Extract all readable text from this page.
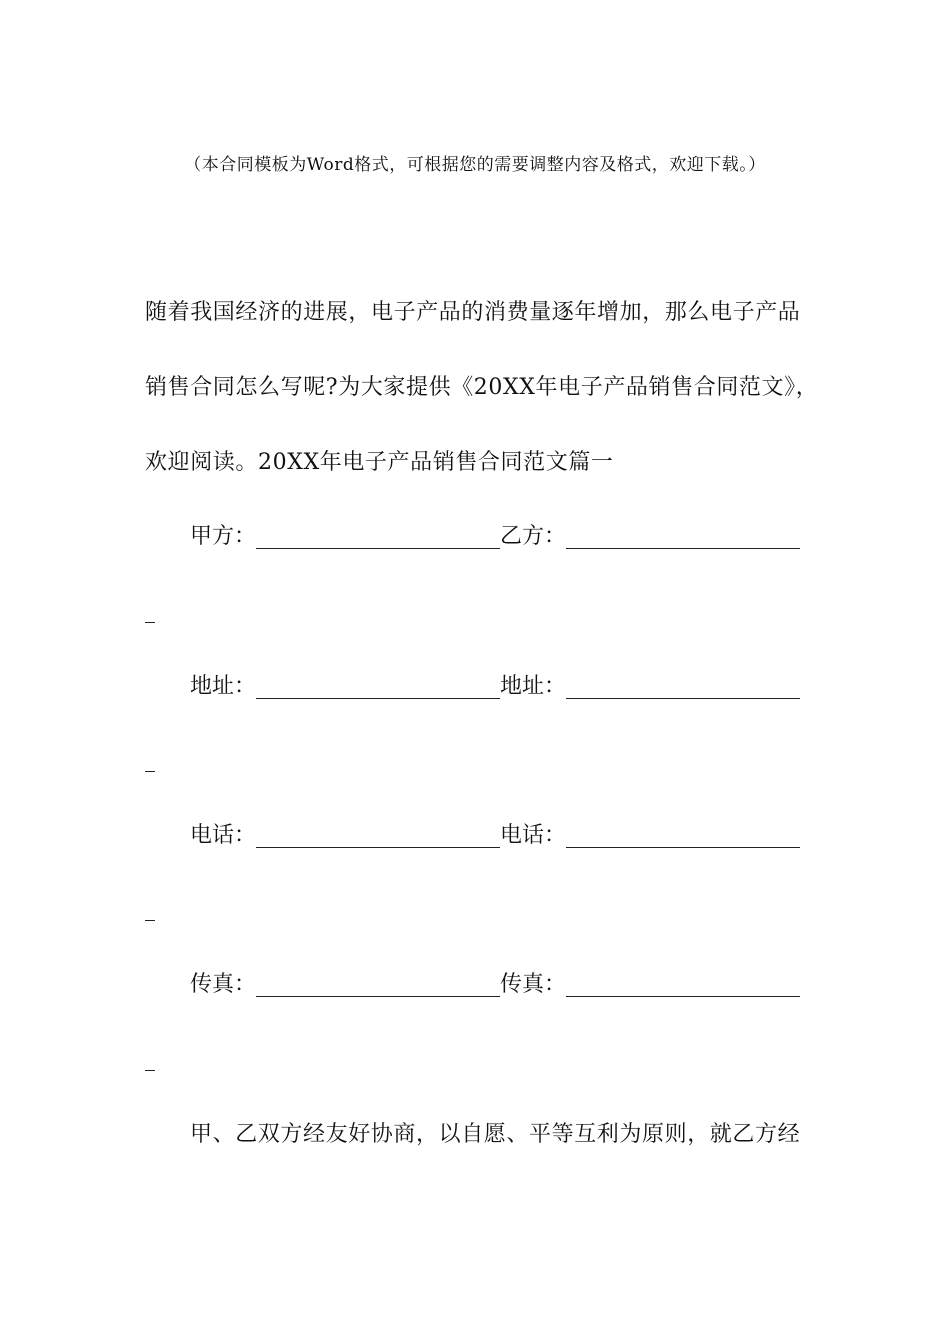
（本合同模板为Word格式，可根据您的需要调整内容及格式，欢迎下载。）
随着我国经济的进展，电子产品的消费量逐年增加，那么电子产品
销售合同怎么写呢?为大家提供《20XX年电子产品销售合同范文》，
欢迎阅读。20XX年电子产品销售合同范文篇一
甲方：	乙方：
地址：	地址：
电话：	电话：
传真：	传真：
甲、乙双方经友好协商，以自愿、平等互利为原则，就乙方经
